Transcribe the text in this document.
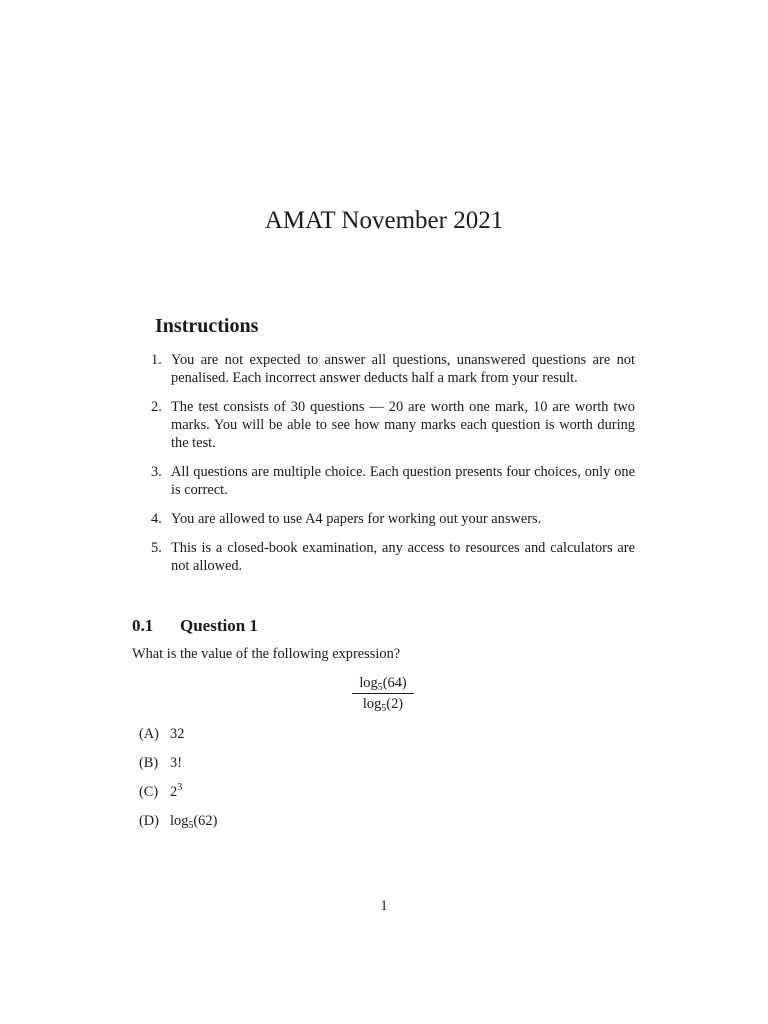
AMAT November 2021
Instructions
1. You are not expected to answer all questions, unanswered questions are not penalised. Each incorrect answer deducts half a mark from your result.
2. The test consists of 30 questions — 20 are worth one mark, 10 are worth two marks. You will be able to see how many marks each question is worth during the test.
3. All questions are multiple choice. Each question presents four choices, only one is correct.
4. You are allowed to use A4 papers for working out your answers.
5. This is a closed-book examination, any access to resources and calculators are not allowed.
0.1 Question 1

What is the value of the following expression?

$\frac{\log_5(64)}{\log_5(2)}$
(A) 32
(B) 3!
(C) $2^3$
(D) $\log_5(62)$
1
